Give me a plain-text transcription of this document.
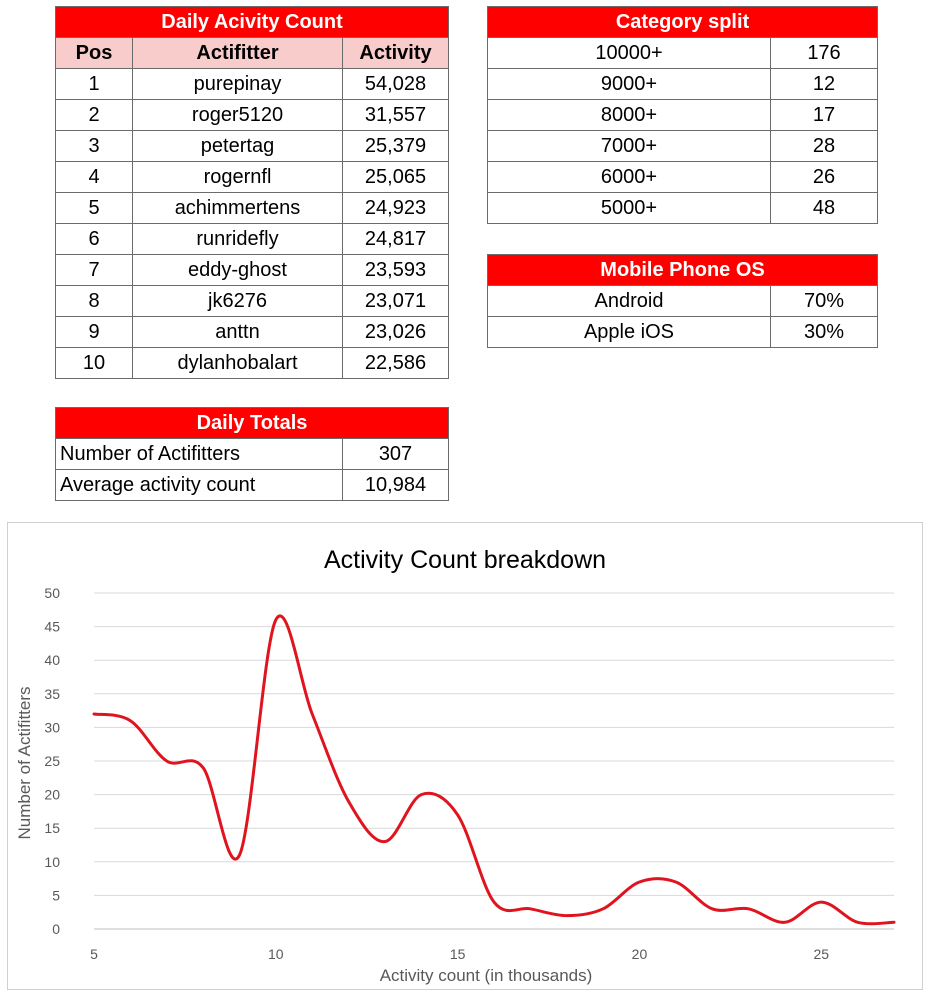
Daily Acivity Count		
Pos	Actifitter	Activity
1	purepinay	54,028
2	roger5120	31,557
3	petertag	25,379
4	rogernfl	25,065
5	achimmertens	24,923
6	runridefly	24,817
7	eddy-ghost	23,593
8	jk6276	23,071
9	anttn	23,026
10	dylanhobalart	22,586
Category split	
10000+	176
9000+	12
8000+	17
7000+	28
6000+	26
5000+	48
Mobile Phone OS	
Android	70%
Apple iOS	30%
Daily Totals	
Number of Actifitters	307
Average activity count	10,984
0
5
10
15
20
25
30
35
40
45
50
5	10	15	20	25
Activity Count breakdown
Activity count (in thousands)
Number of Actifitters
